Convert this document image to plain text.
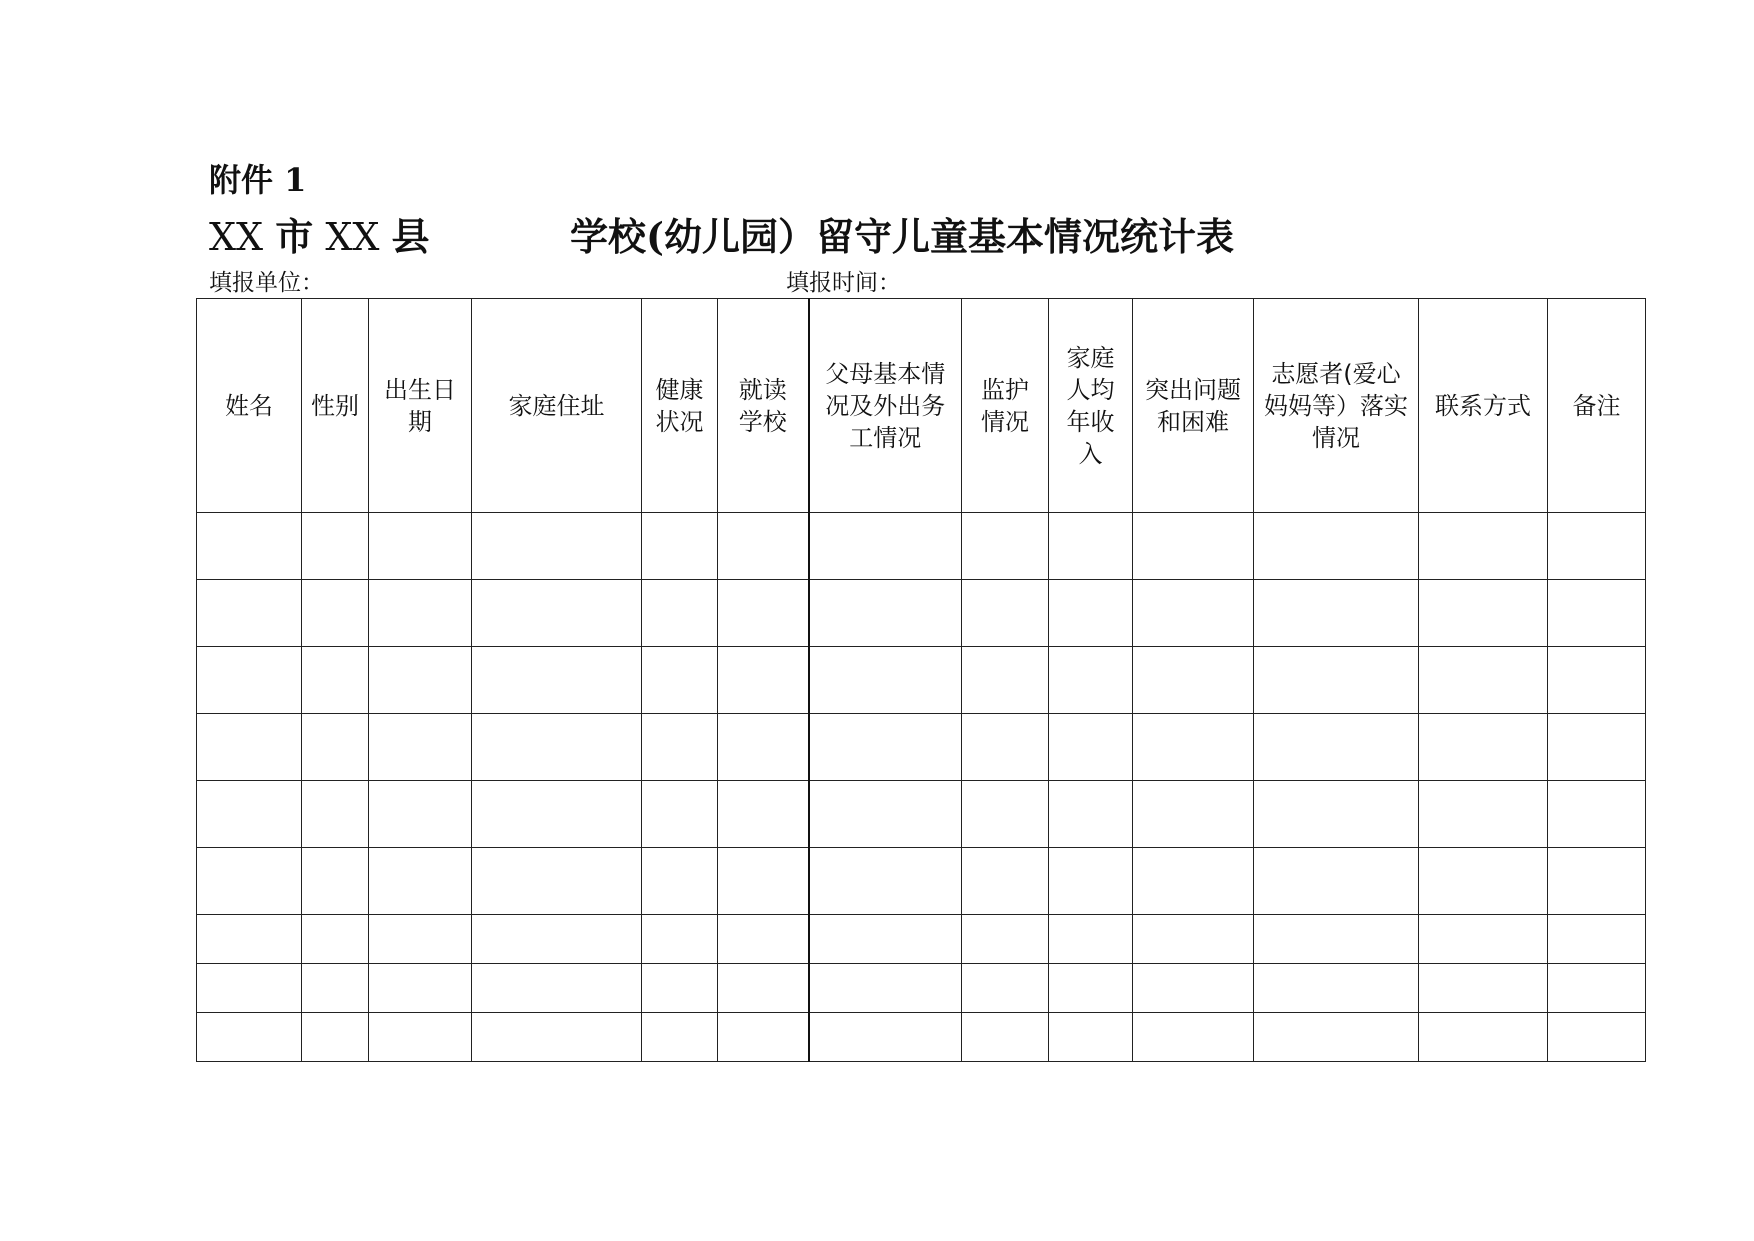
附件 1
XX 市 XX 县	学校(幼儿园）留守儿童基本情况统计表
填报单位：	填报时间：
姓名	性别	出生日期	家庭住址	健康状况	就读学校	父母基本情况及外出务工情况	监护情况	家庭人均年收入	突出问题和困难	志愿者(爱心妈妈等）落实情况	联系方式	备注
